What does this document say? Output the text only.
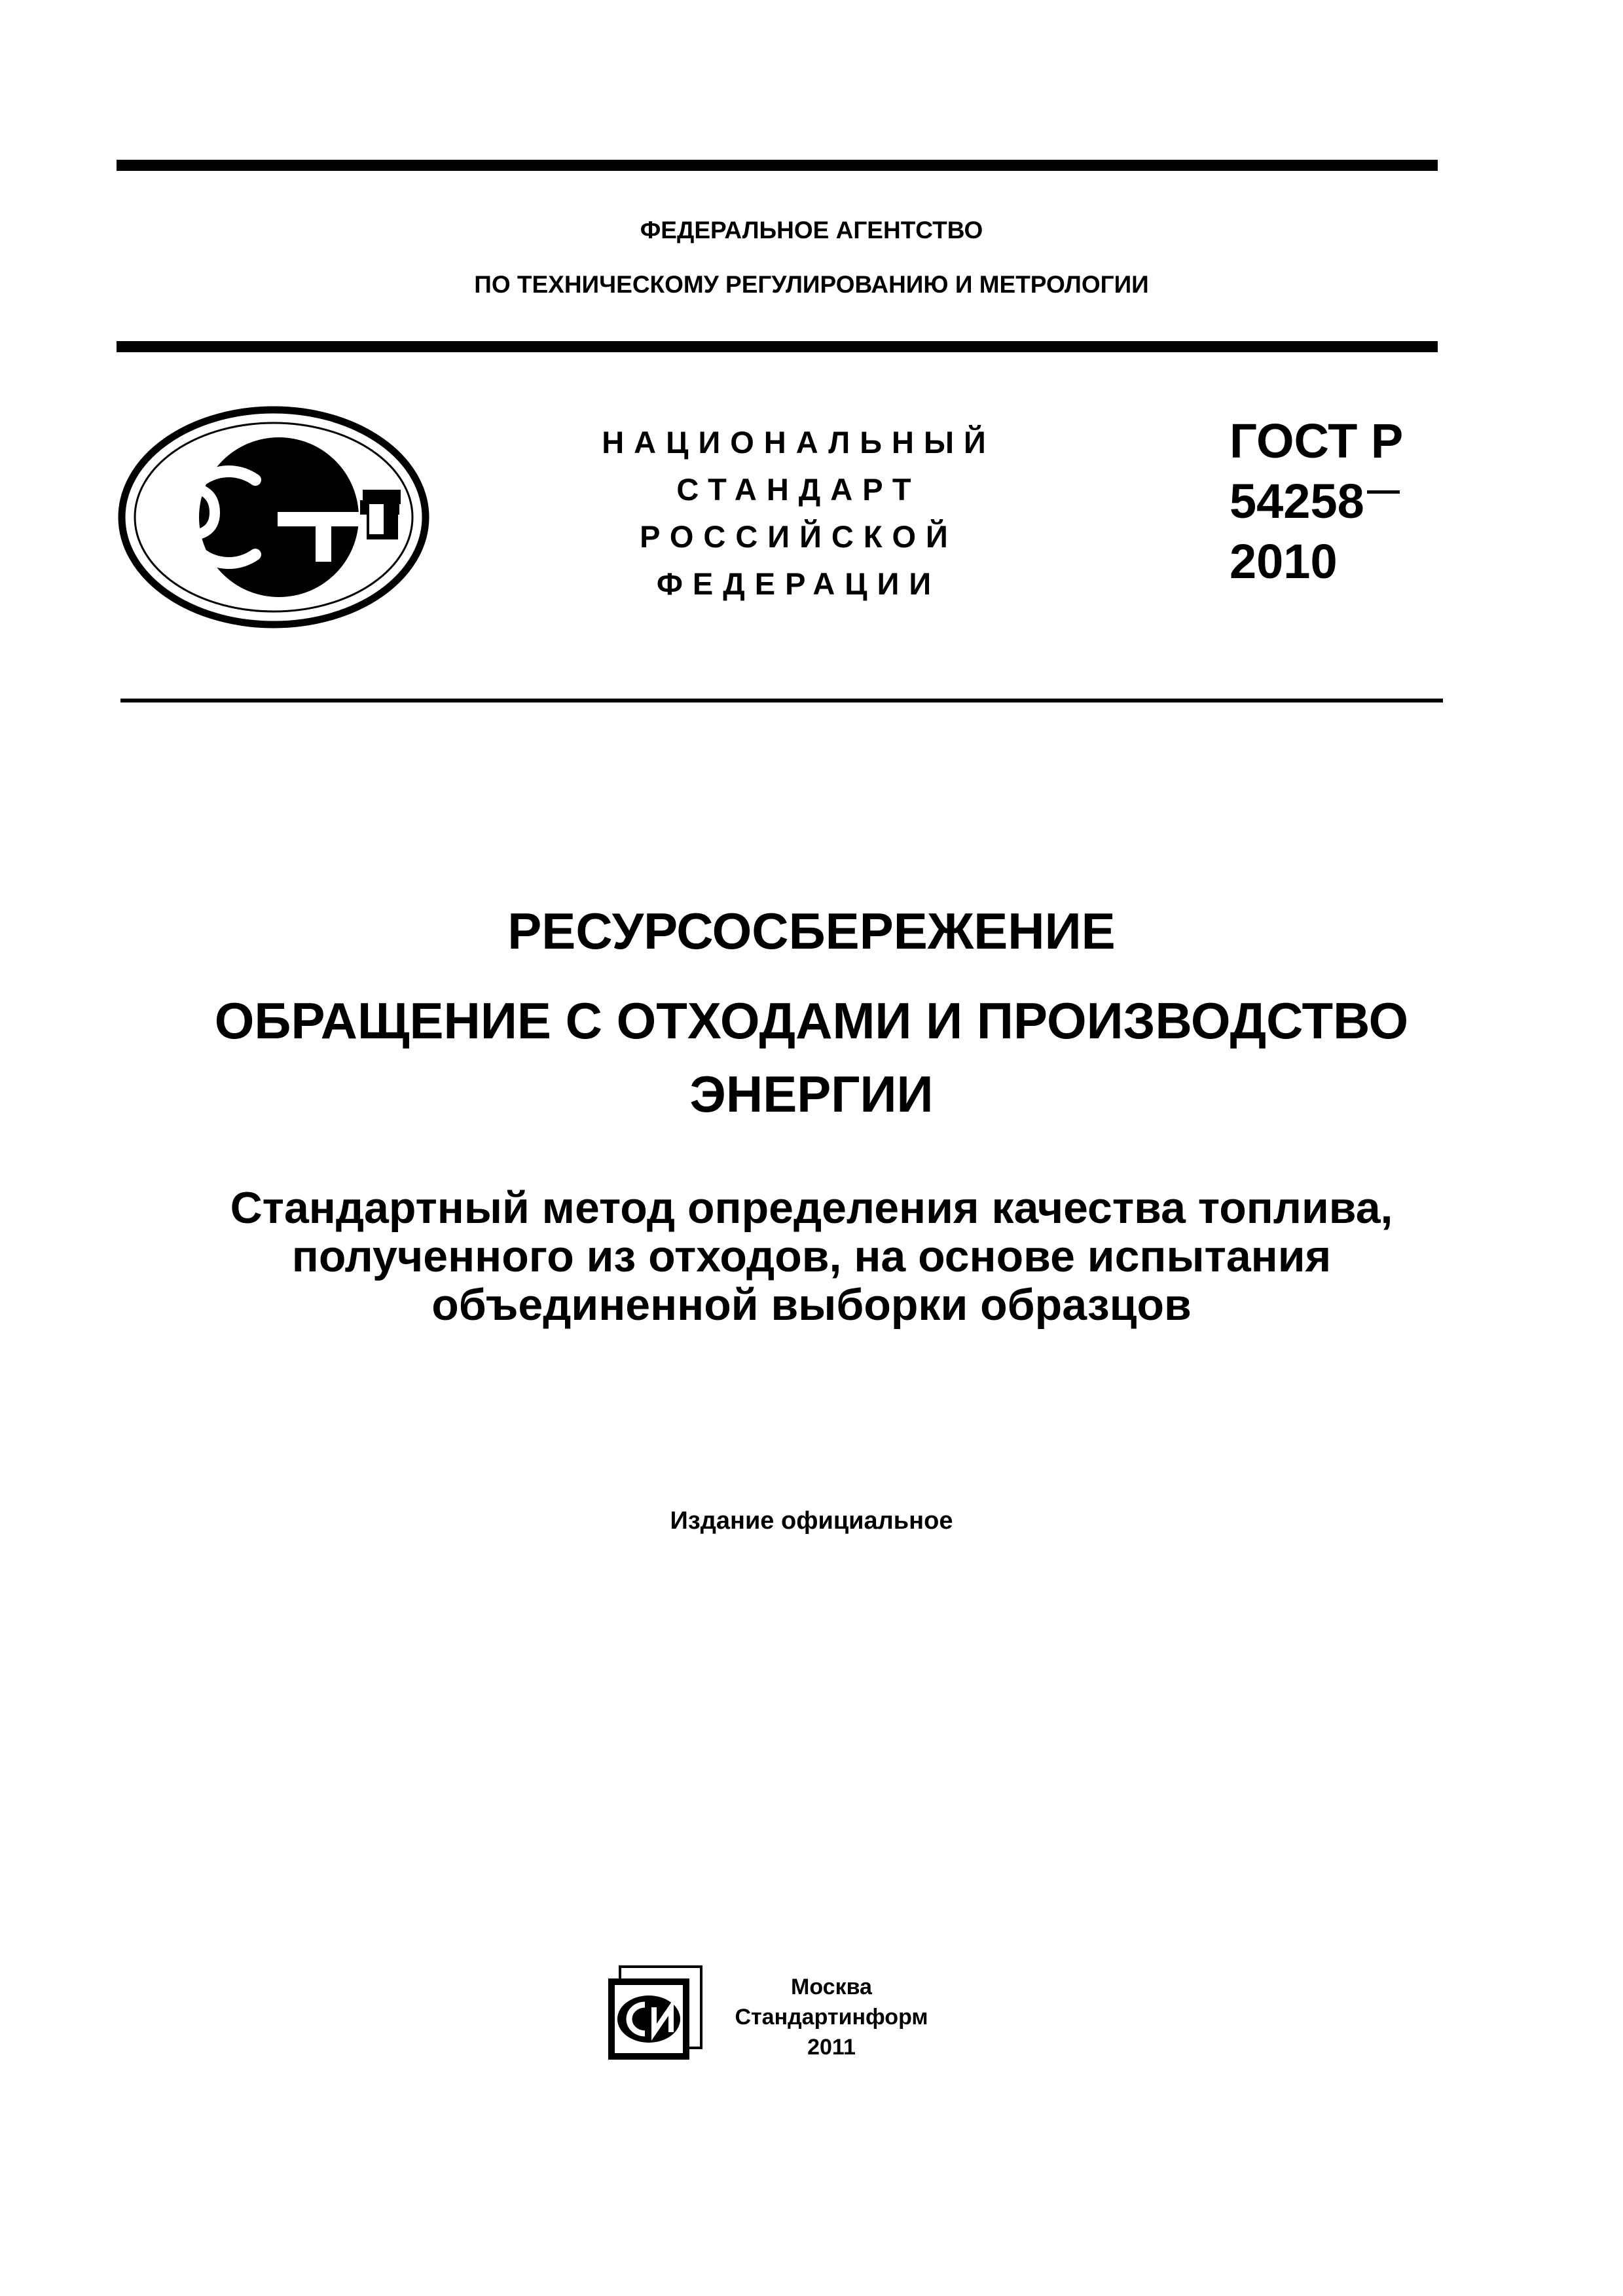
ФЕДЕРАЛЬНОЕ АГЕНТСТВО
ПО ТЕХНИЧЕСКОМУ РЕГУЛИРОВАНИЮ И МЕТРОЛОГИИ
НАЦИОНАЛЬНЫЙ
СТАНДАРТ
РОССИЙСКОЙ
ФЕДЕРАЦИИ
ГОСТ Р
54258
2010
РЕСУРСОСБЕРЕЖЕНИЕ
ОБРАЩЕНИЕ С ОТХОДАМИ И ПРОИЗВОДСТВО
ЭНЕРГИИ
Стандартный метод определения качества топлива,
полученного из отходов, на основе испытания
объединенной выборки образцов
Издание официальное
Москва
Стандартинформ
2011
